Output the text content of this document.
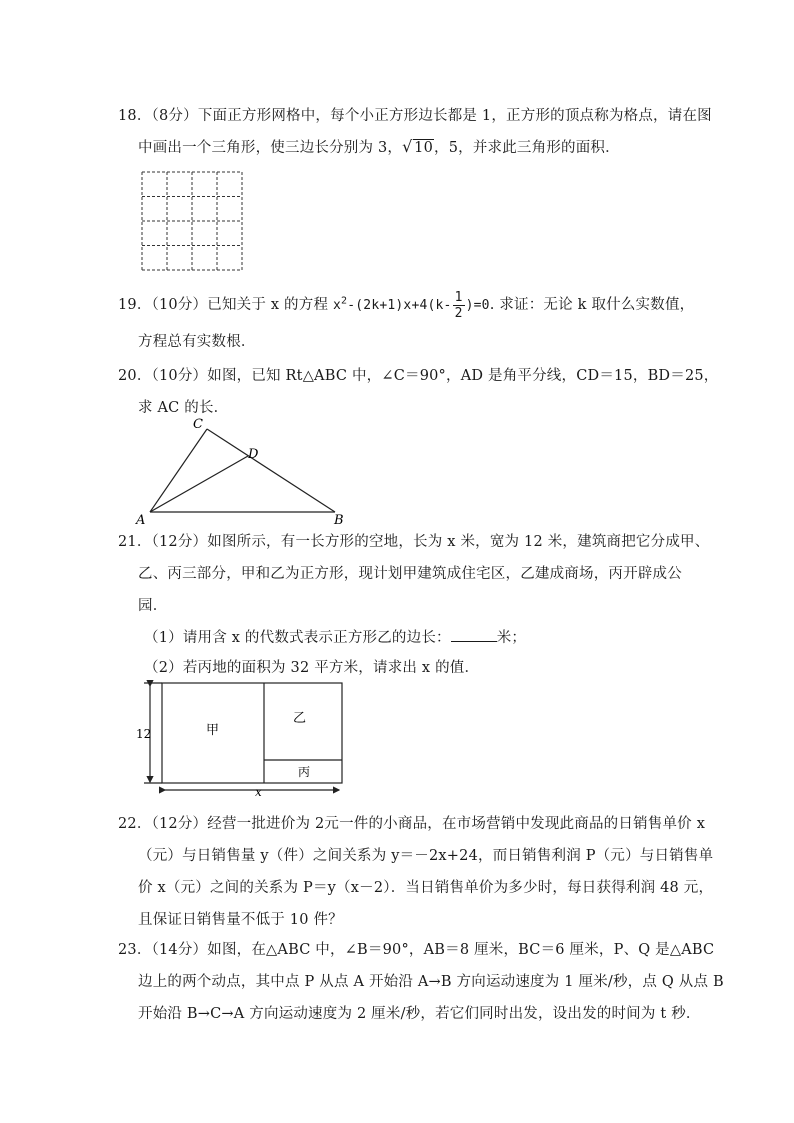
18．（8分）下面正方形网格中，每个小正方形边长都是 1，正方形的顶点称为格点，请在图
中画出一个三角形，使三边长分别为 3， √ 10，5，并求此三角形的面积．
19．（10分）已知关于 x 的方程 $x^2-(2k+1)x+4(k- \frac{1}{2} )=0$. 求证：无论 k 取什么实数值，
方程总有实数根．
20．（10分）如图，已知 Rt△ABC 中，∠C＝90°，AD 是角平分线，CD＝15，BD＝25，
求 AC 的长．
C
D
A	B
21．（12分）如图所示，有一长方形的空地，长为 x 米，宽为 12 米，建筑商把它分成甲、
乙、丙三部分，甲和乙为正方形，现计划甲建筑成住宅区，乙建成商场，丙开辟成公
园．
（1）请用含 x 的代数式表示正方形乙的边长：	米；
（2）若丙地的面积为 32 平方米，请求出 x 的值．
12	甲
乙
丙
x
22．（12分）经营一批进价为 2元一件的小商品，在市场营销中发现此商品的日销售单价 x
（元）与日销售量 y（件）之间关系为 y＝－2x+24，而日销售利润 P（元）与日销售单
价 x（元）之间的关系为 P＝y（x－2）．当日销售单价为多少时，每日获得利润 48 元，
且保证日销售量不低于 10 件？
23．（14分）如图，在△ABC 中，∠B＝90°，AB＝8 厘米，BC＝6 厘米，P、Q 是△ABC
边上的两个动点，其中点 P 从点 A 开始沿 A→B 方向运动速度为 1 厘米/秒，点 Q 从点 B
开始沿 B→C→A 方向运动速度为 2 厘米/秒，若它们同时出发，设出发的时间为 t 秒．
